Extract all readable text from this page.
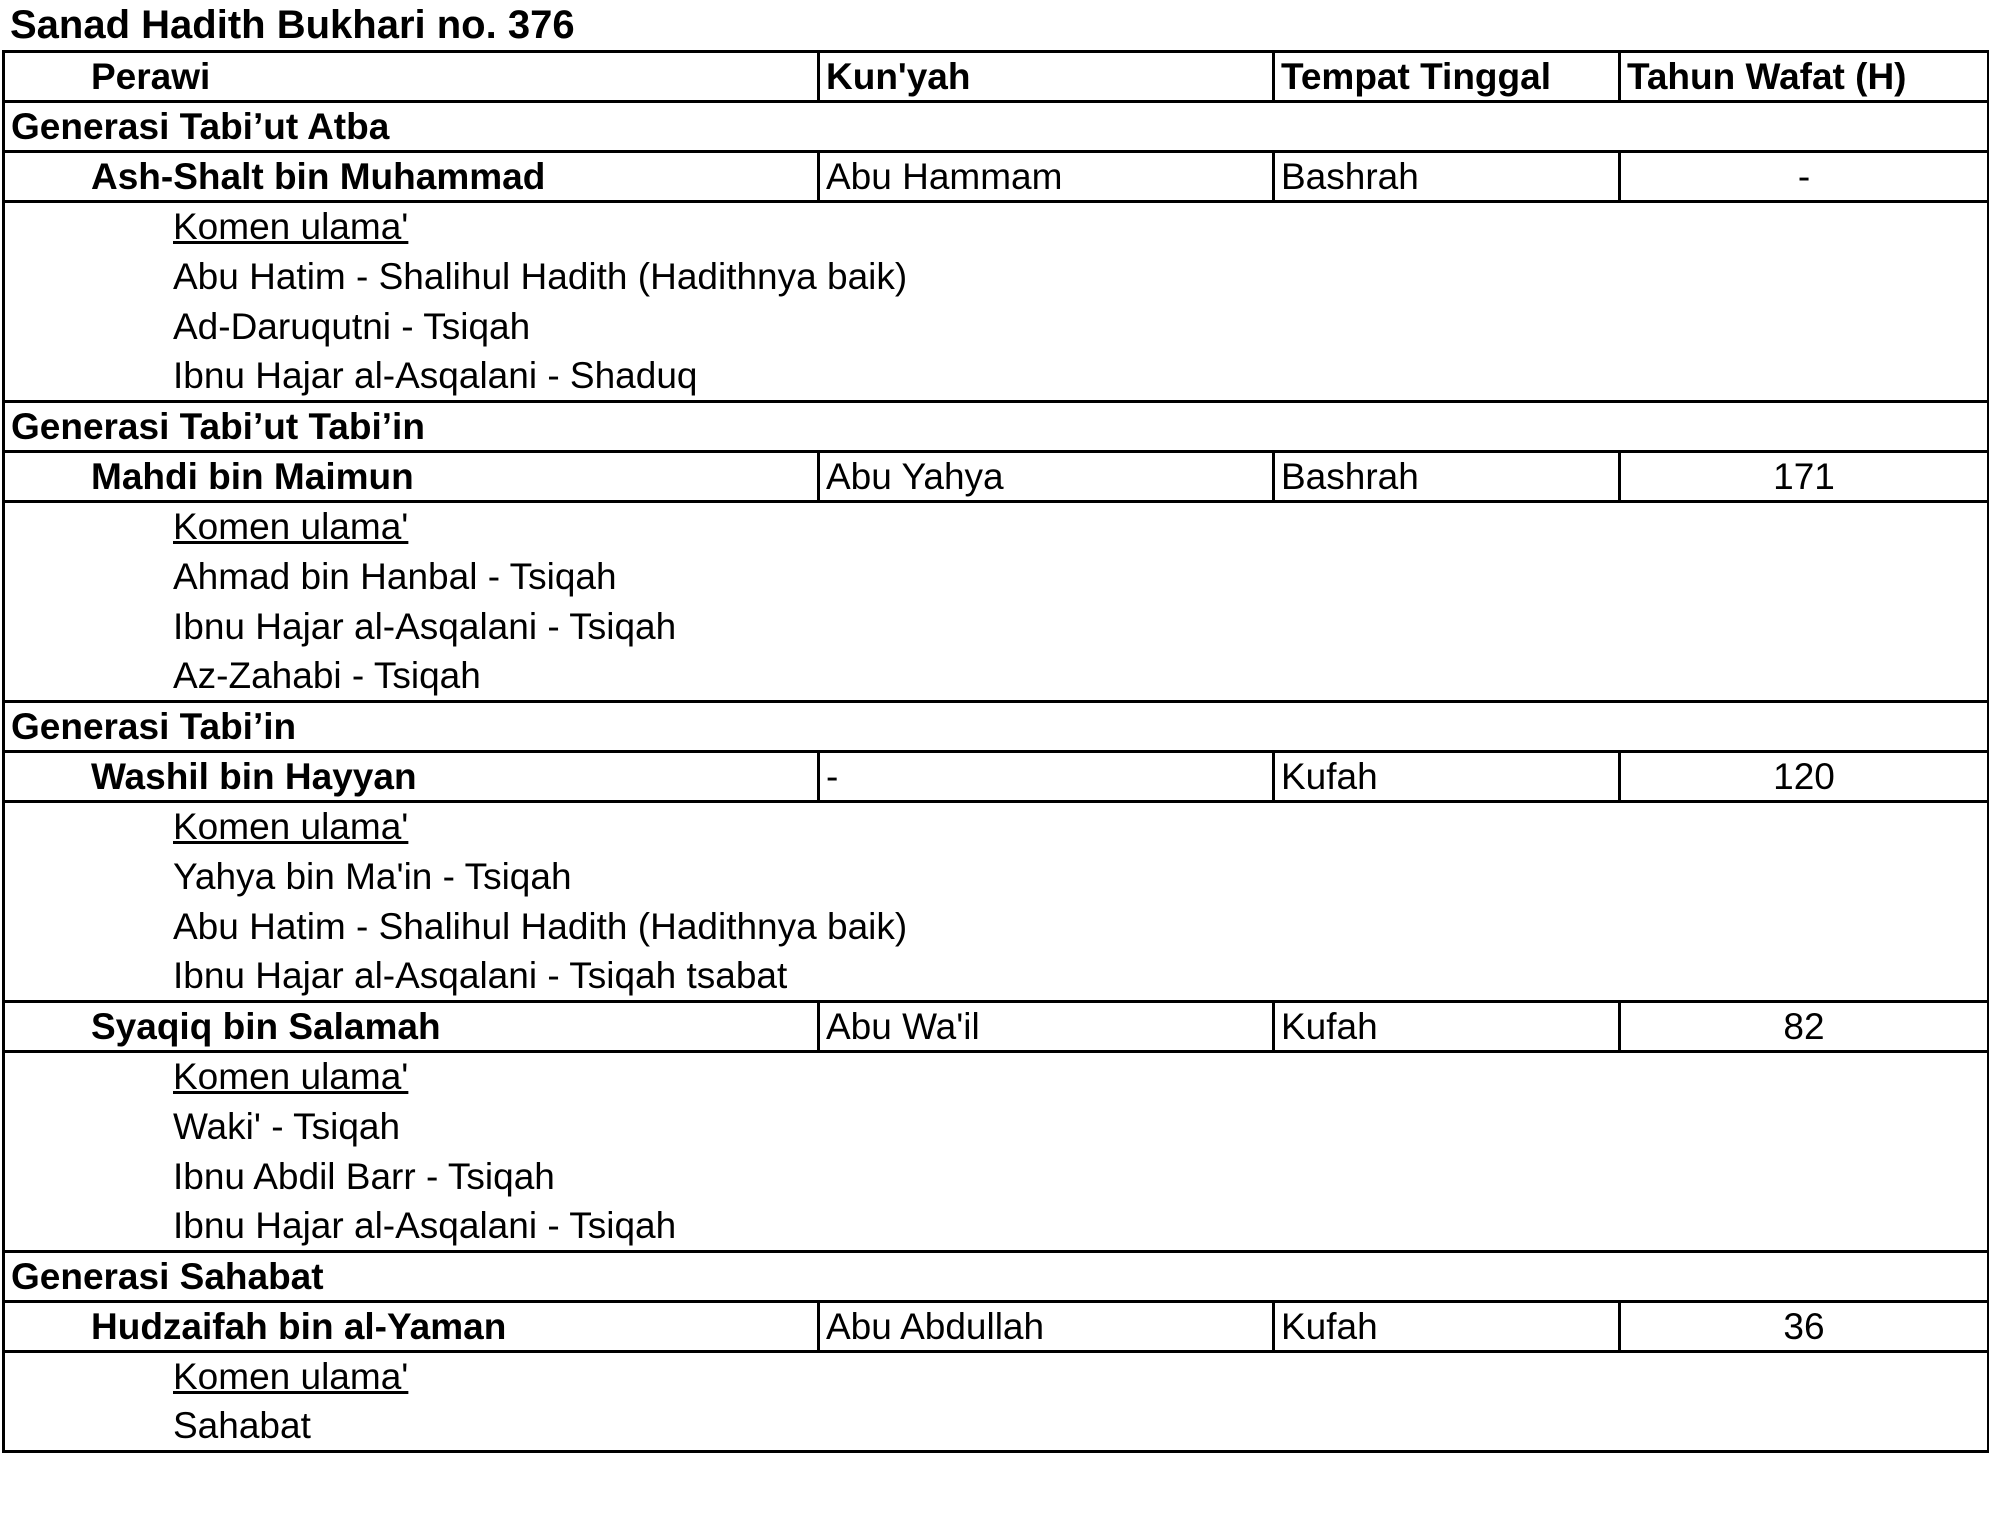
Sanad Hadith Bukhari no. 376
Perawi	Kun'yah	Tempat Tinggal	Tahun Wafat (H)
Generasi Tabi’ut Atba			
Ash-Shalt bin Muhammad	Abu Hammam	Bashrah	-
Komen ulama'			
Abu Hatim - Shalihul Hadith (Hadithnya baik)			
Ad-Daruqutni - Tsiqah			
Ibnu Hajar al-Asqalani - Shaduq			
Generasi Tabi’ut Tabi’in			
Mahdi bin Maimun	Abu Yahya	Bashrah	171
Komen ulama'			
Ahmad bin Hanbal - Tsiqah			
Ibnu Hajar al-Asqalani - Tsiqah			
Az-Zahabi - Tsiqah			
Generasi Tabi’in			
Washil bin Hayyan	-	Kufah	120
Komen ulama'			
Yahya bin Ma'in - Tsiqah			
Abu Hatim - Shalihul Hadith (Hadithnya baik)			
Ibnu Hajar al-Asqalani - Tsiqah tsabat			
Syaqiq bin Salamah	Abu Wa'il	Kufah	82
Komen ulama'			
Waki' - Tsiqah			
Ibnu Abdil Barr - Tsiqah			
Ibnu Hajar al-Asqalani - Tsiqah			
Generasi Sahabat			
Hudzaifah bin al-Yaman	Abu Abdullah	Kufah	36
Komen ulama'			
Sahabat			
